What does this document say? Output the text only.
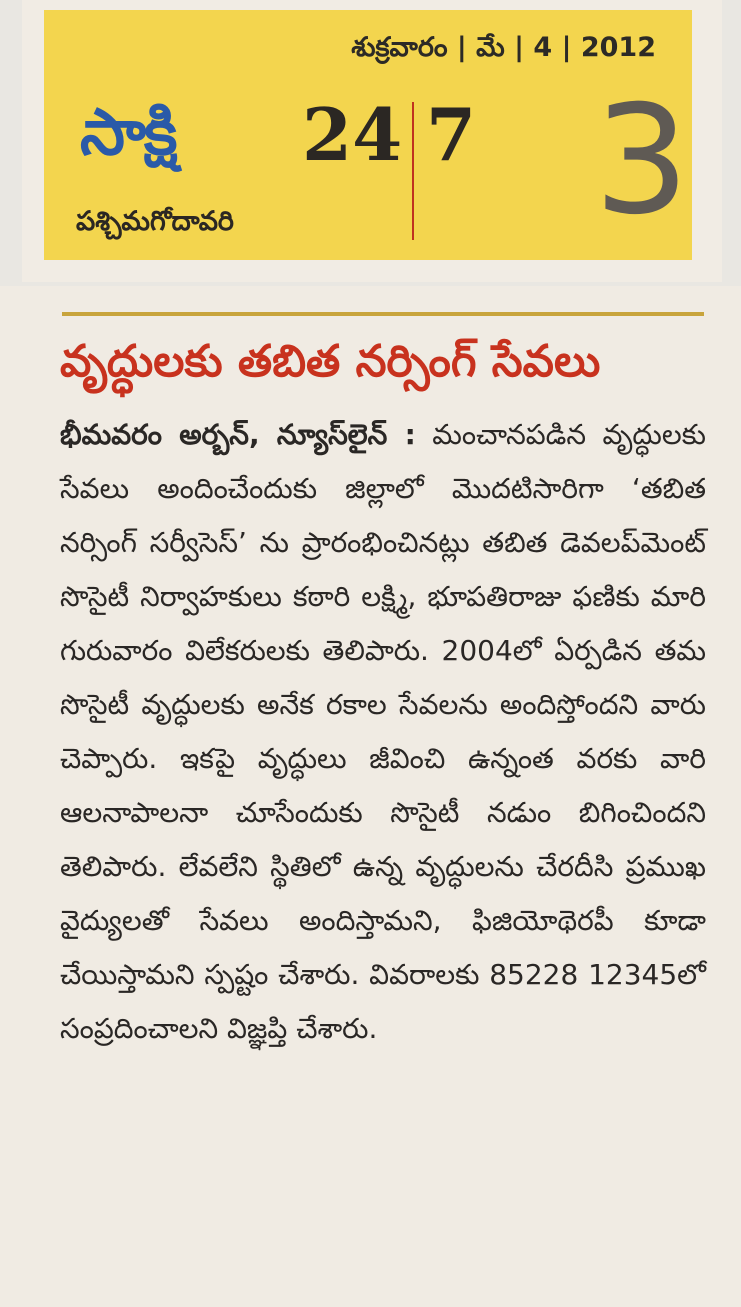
శుక్రవారం | మే | 4 | 2012
సాక్షి 24 7 3
పశ్చిమగోదావరి
వృద్ధులకు తబిత నర్సింగ్ సేవలు
భీమవరం అర్బన్, న్యూస్‌లైన్ : మంచానపడిన వృద్ధులకు సేవలు అందించేందుకు జిల్లాలో మొదటిసారిగా ‘తబిత నర్సింగ్ సర్వీసెస్’ ను ప్రారంభించినట్లు తబిత డెవలప్‌మెంట్ సొసైటీ నిర్వాహకులు కఠారి లక్ష్మి, భూపతిరాజు ఫణికు మారి గురువారం విలేకరులకు తెలిపారు. 2004లో ఏర్పడిన తమ సొసైటీ వృద్ధులకు అనేక రకాల సేవలను అందిస్తోందని వారు చెప్పారు. ఇకపై వృద్ధులు జీవించి ఉన్నంత వరకు వారి ఆలనాపాలనా చూసేందుకు సొసైటీ నడుం బిగించిందని తెలిపారు. లేవలేని స్థితిలో ఉన్న వృద్ధులను చేరదీసి ప్రముఖ వైద్యులతో సేవలు అందిస్తామని, ఫిజియోథెరపీ కూడా చేయిస్తామని స్పష్టం చేశారు. వివరాలకు 85228 12345లో సంప్రదించాలని విజ్ఞప్తి చేశారు.
